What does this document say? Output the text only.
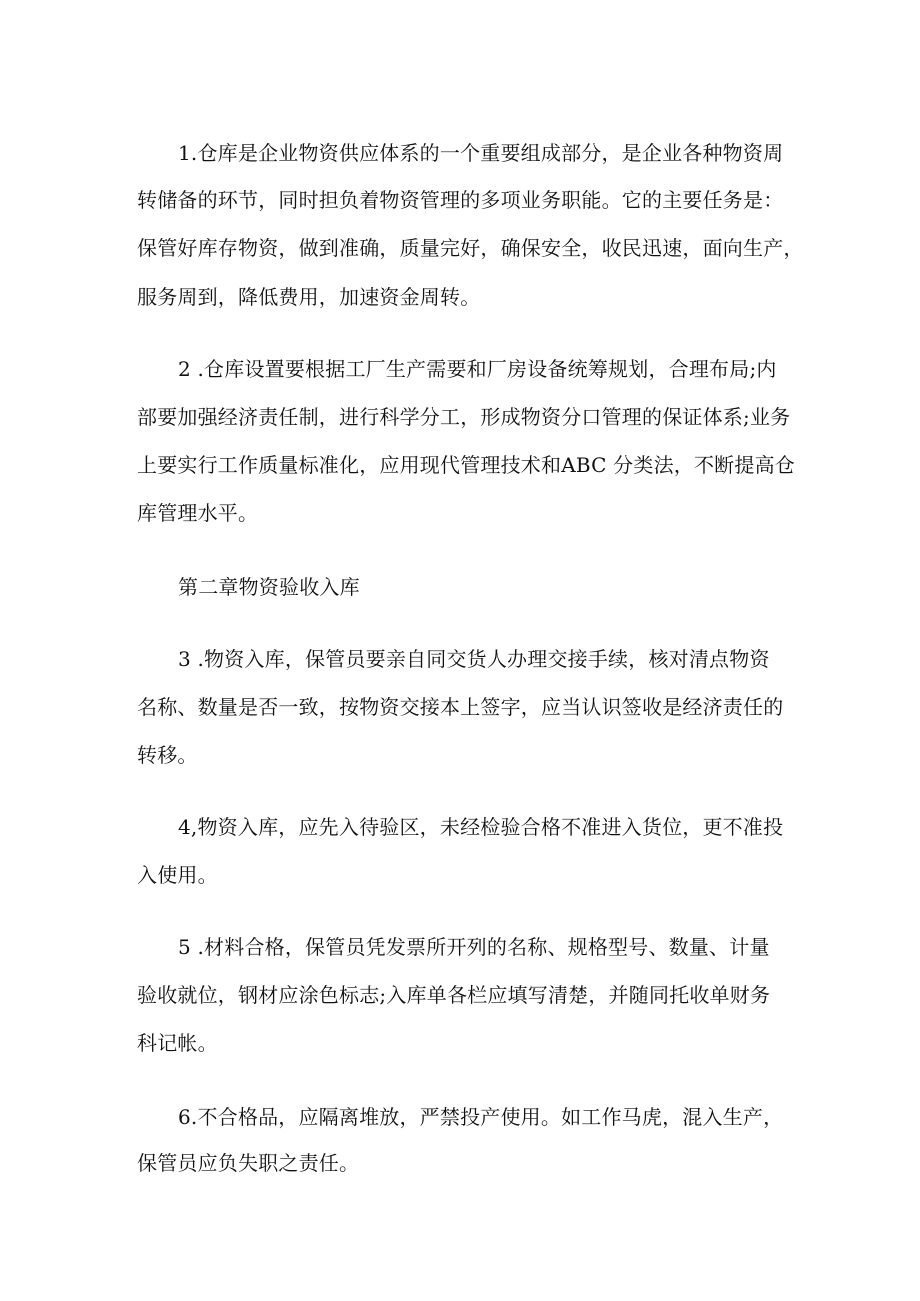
1.仓库是企业物资供应体系的一个重要组成部分，是企业各种物资周
转储备的环节，同时担负着物资管理的多项业务职能。它的主要任务是：
保管好库存物资，做到准确，质量完好，确保安全，收民迅速，面向生产，
服务周到，降低费用，加速资金周转。
2 .仓库设置要根据工厂生产需要和厂房设备统筹规划，合理布局;内
部要加强经济责任制，进行科学分工，形成物资分口管理的保证体系;业务
上要实行工作质量标准化，应用现代管理技术和ABC 分类法，不断提高仓
库管理水平。
第二章物资验收入库
3 .物资入库，保管员要亲自同交货人办理交接手续，核对清点物资
名称、数量是否一致，按物资交接本上签字，应当认识签收是经济责任的
转移。
4,物资入库，应先入待验区，未经检验合格不准进入货位，更不准投
入使用。
5 .材料合格，保管员凭发票所开列的名称、规格型号、数量、计量
验收就位，钢材应涂色标志;入库单各栏应填写清楚，并随同托收单财务
科记帐。
6.不合格品，应隔离堆放，严禁投产使用。如工作马虎，混入生产，
保管员应负失职之责任。
